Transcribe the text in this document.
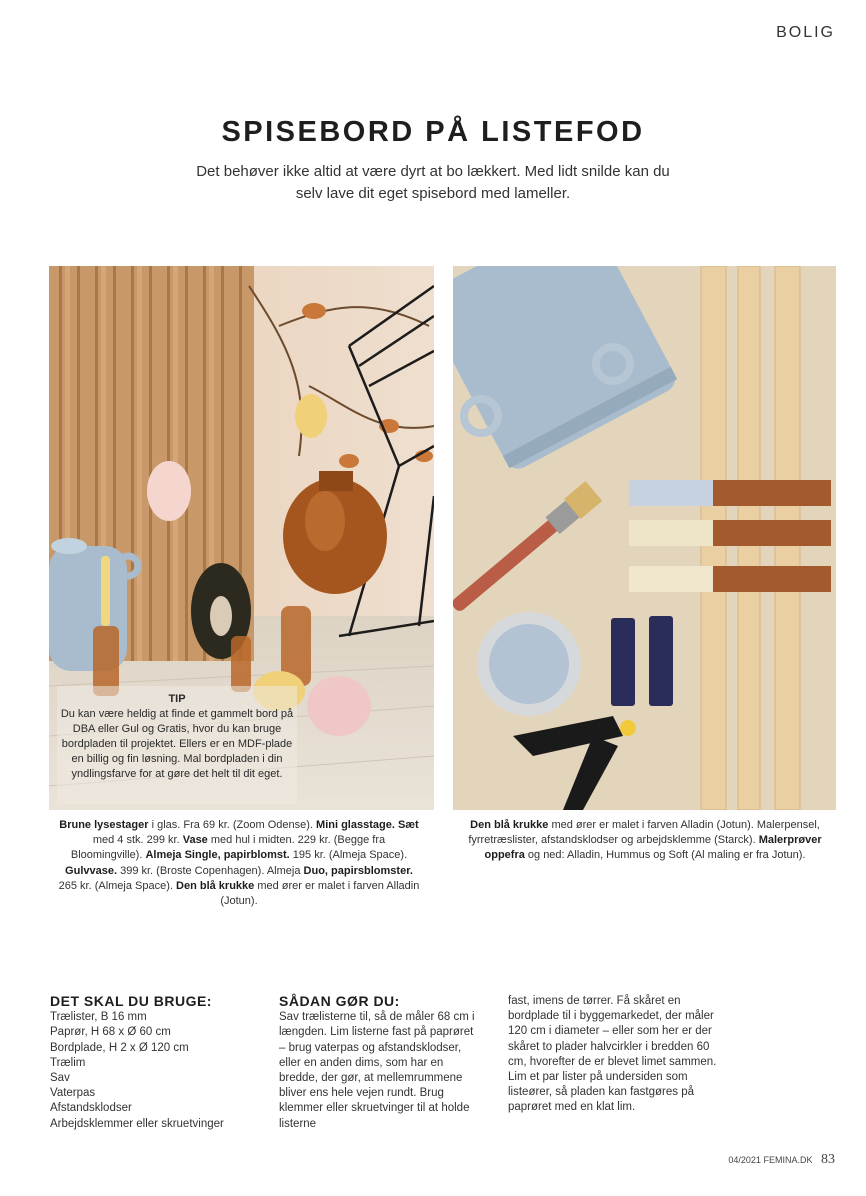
BOLIG
SPISEBORD PÅ LISTEFOD
Det behøver ikke altid at være dyrt at bo lækkert. Med lidt snilde kan du selv lave dit eget spisebord med lameller.
TIP
Du kan være heldig at finde et gammelt bord på DBA eller Gul og Gratis, hvor du kan bruge bordpladen til projektet. Ellers er en MDF-plade en billig og fin løsning. Mal bordpladen i din yndlingsfarve for at gøre det helt til dit eget.
Brune lysestager i glas. Fra 69 kr. (Zoom Odense). Mini glasstage. Sæt med 4 stk. 299 kr. Vase med hul i midten. 229 kr. (Begge fra Bloomingville). Almeja Single, papirblomst. 195 kr. (Almeja Space). Gulvvase. 399 kr. (Broste Copenhagen). Almeja Duo, papirsblomster. 265 kr. (Almeja Space). Den blå krukke med ører er malet i farven Alladin (Jotun).
Den blå krukke med ører er malet i farven Alladin (Jotun). Malerpensel, fyrretræslister, afstandsklodser og arbejdsklemme (Starck). Malerprøver oppefra og ned: Alladin, Hummus og Soft (Al maling er fra Jotun).
DET SKAL DU BRUGE:
Trælister, B 16 mm
Paprør, H 68 x Ø 60 cm
Bordplade, H 2 x Ø 120 cm
Trælim
Sav
Vaterpas
Afstandsklodser
Arbejdsklemmer eller skruetvinger
SÅDAN GØR DU:
Sav trælisterne til, så de måler 68 cm i længden. Lim listerne fast på paprøret – brug vaterpas og afstandsklodser, eller en anden dims, som har en bredde, der gør, at mellemrummene bliver ens hele vejen rundt. Brug klemmer eller skruetvinger til at holde listerne
fast, imens de tørrer. Få skåret en bordplade til i byggemarkedet, der måler 120 cm i diameter – eller som her er der skåret to plader halvcirkler i bredden 60 cm, hvorefter de er blevet limet sammen. Lim et par lister på undersiden som listeører, så pladen kan fastgøres på paprøret med en klat lim.
04/2021 FEMINA.DK 83
